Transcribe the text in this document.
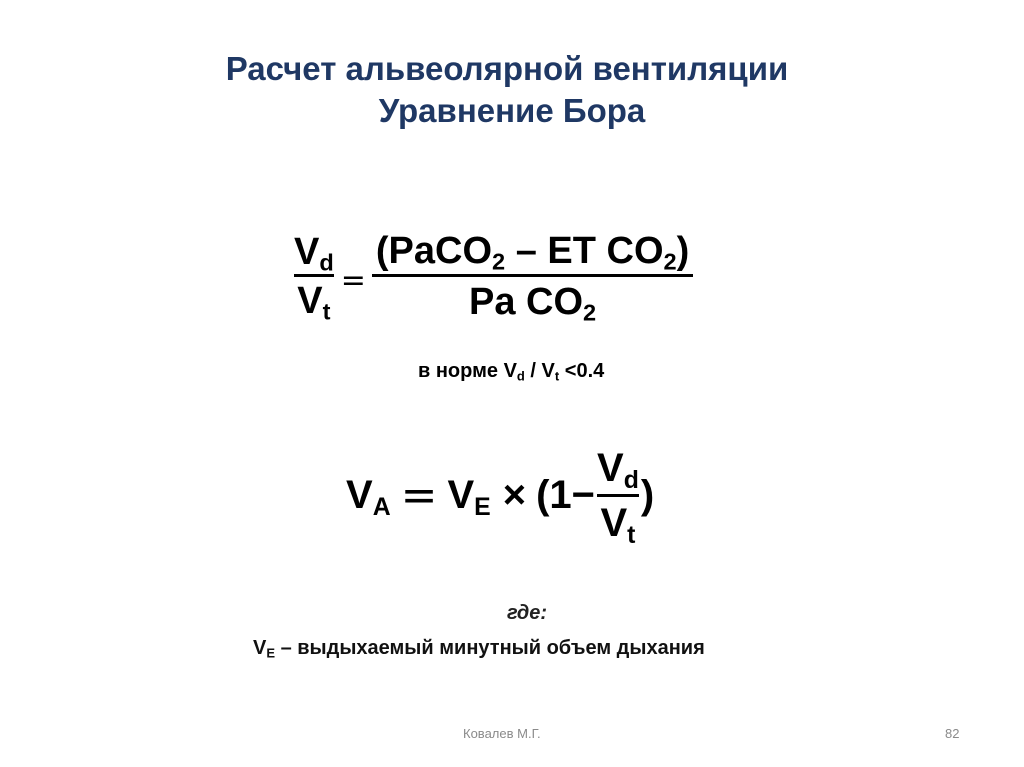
Расчет альвеолярной вентиляции
Уравнение Бора
$\frac{V_d}{V_t} = \frac{(PaCO_2 - ET CO_2)}{Pa CO_2}$
в норме $V_d / V_t <0.4$
$V_A = V_E \times (1- \frac{V_d}{V_t}$ )
где:
$V_E$ – выдыхаемый минутный объем дыхания
Ковалев М.Г.	82
